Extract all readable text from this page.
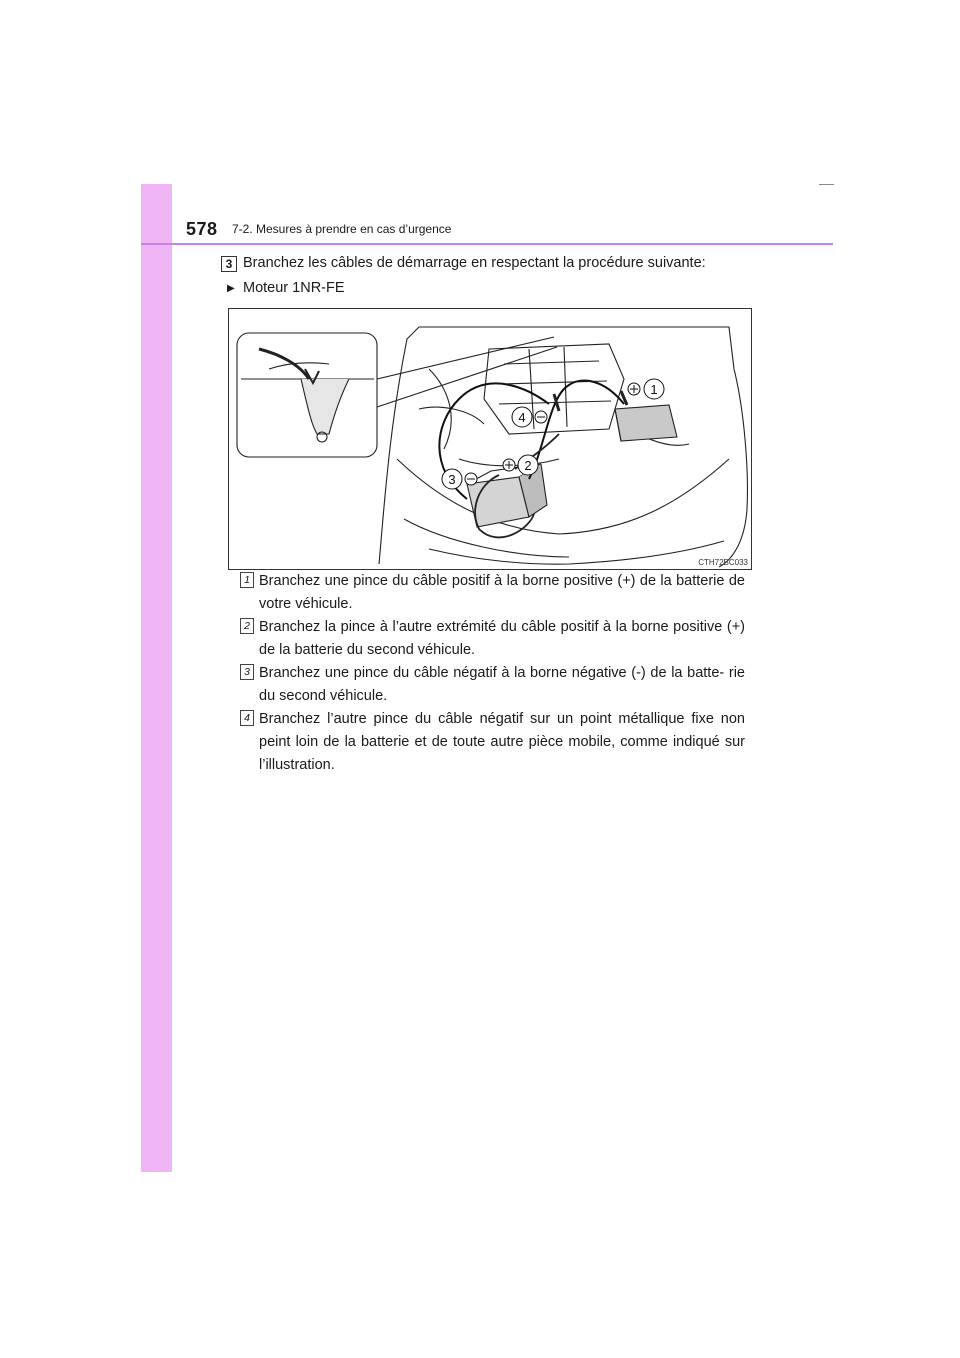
578 7-2. Mesures à prendre en cas d’urgence
3 Branchez les câbles de démarrage en respectant la procédure suivante:
▶ Moteur 1NR-FE
1
4
2
3
CTH72BC033
1 Branchez une pince du câble positif à la borne positive (+) de la batterie de votre véhicule.
2 Branchez la pince à l’autre extrémité du câble positif à la borne positive (+) de la batterie du second véhicule.
3 Branchez une pince du câble négatif à la borne négative (-) de la batte- rie du second véhicule.
4 Branchez l’autre pince du câble négatif sur un point métallique fixe non peint loin de la batterie et de toute autre pièce mobile, comme indiqué sur l’illustration.
